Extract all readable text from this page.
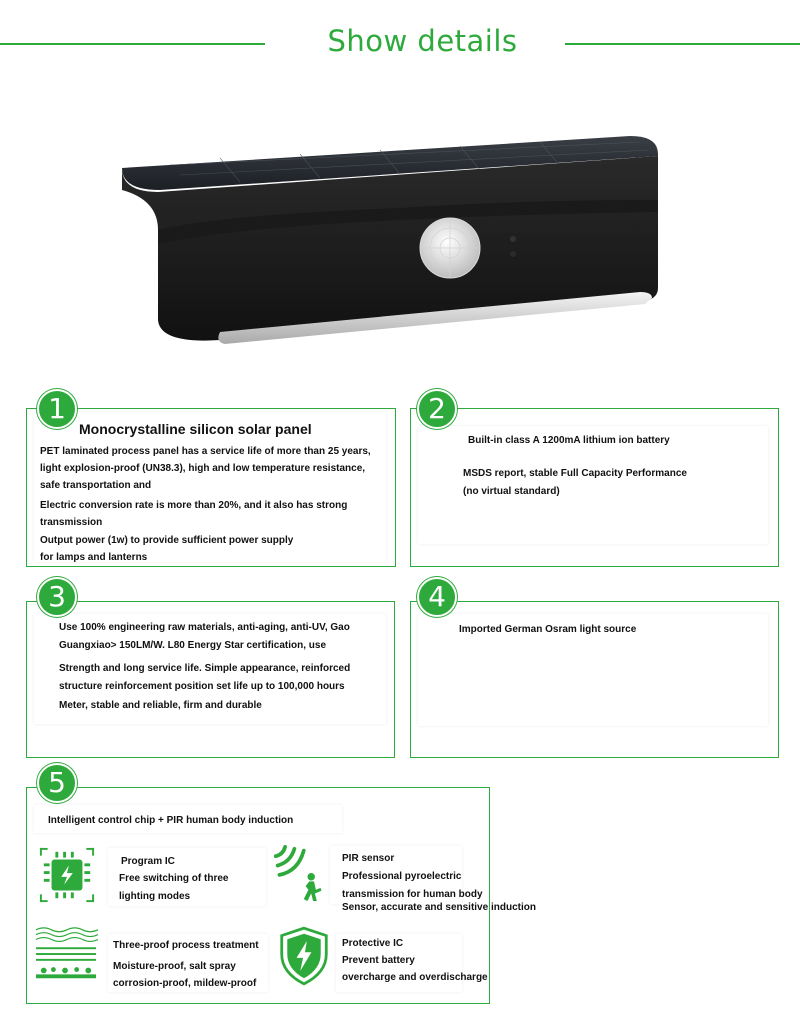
Show details
1
Monocrystalline silicon solar panel
PET laminated process panel has a service life of more than 25 years,
light explosion-proof (UN38.3), high and low temperature resistance,
safe transportation and
Electric conversion rate is more than 20%, and it also has strong
transmission
Output power (1w) to provide sufficient power supply
for lamps and lanterns
2
Built-in class A 1200mA lithium ion battery
MSDS report, stable Full Capacity Performance
(no virtual standard)
3
Use 100% engineering raw materials, anti-aging, anti-UV, Gao
Guangxiao> 150LM/W. L80 Energy Star certification, use
Strength and long service life. Simple appearance, reinforced
structure reinforcement position set life up to 100,000 hours
Meter, stable and reliable, firm and durable
4
Imported German Osram light source
5
Intelligent control chip + PIR human body induction
Program IC
Free switching of three
lighting modes
PIR sensor
Professional pyroelectric
transmission for human body
Sensor, accurate and sensitive induction
Three-proof process treatment
Moisture-proof, salt spray
corrosion-proof, mildew-proof
Protective IC
Prevent battery
overcharge and overdischarge
